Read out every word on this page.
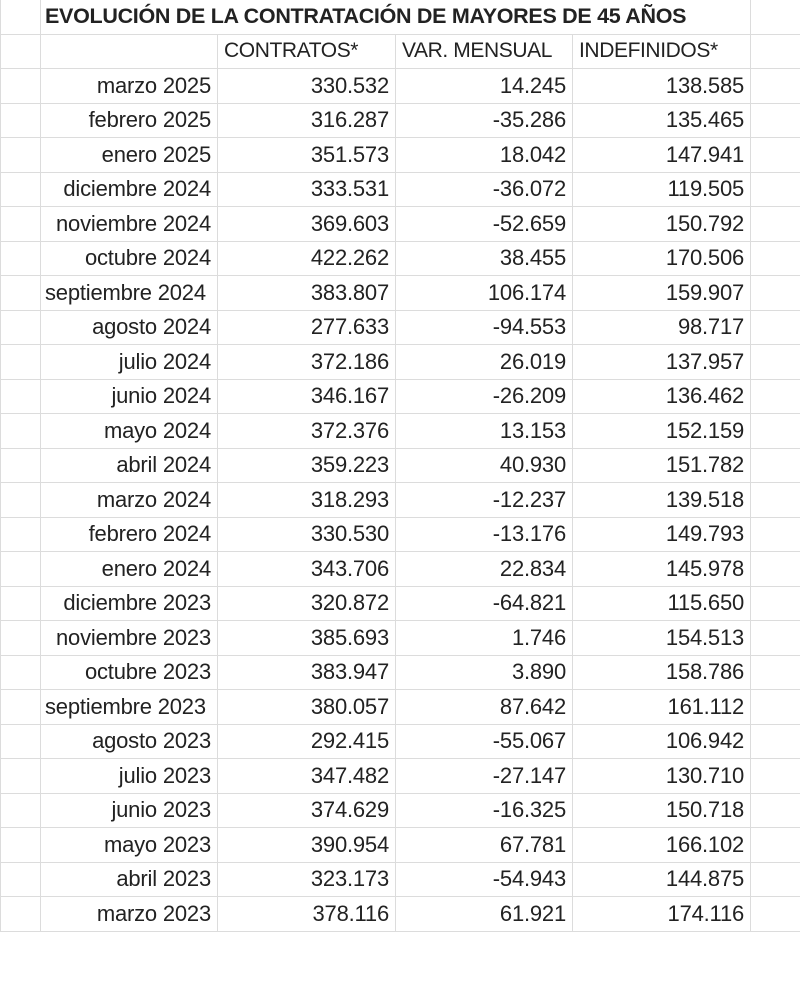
	EVOLUCIÓN DE LA CONTRATACIÓN DE MAYORES DE 45 AÑOS				
		CONTRATOS*	VAR. MENSUAL	INDEFINIDOS*	
	marzo 2025	330.532	14.245	138.585	
	febrero 2025	316.287	-35.286	135.465	
	enero 2025	351.573	18.042	147.941	
	diciembre 2024	333.531	-36.072	119.505	
	noviembre 2024	369.603	-52.659	150.792	
	octubre 2024	422.262	38.455	170.506	
	septiembre 2024	383.807	106.174	159.907	
	agosto 2024	277.633	-94.553	98.717	
	julio 2024	372.186	26.019	137.957	
	junio 2024	346.167	-26.209	136.462	
	mayo 2024	372.376	13.153	152.159	
	abril 2024	359.223	40.930	151.782	
	marzo 2024	318.293	-12.237	139.518	
	febrero 2024	330.530	-13.176	149.793	
	enero 2024	343.706	22.834	145.978	
	diciembre 2023	320.872	-64.821	115.650	
	noviembre 2023	385.693	1.746	154.513	
	octubre 2023	383.947	3.890	158.786	
	septiembre 2023	380.057	87.642	161.112	
	agosto 2023	292.415	-55.067	106.942	
	julio 2023	347.482	-27.147	130.710	
	junio 2023	374.629	-16.325	150.718	
	mayo 2023	390.954	67.781	166.102	
	abril 2023	323.173	-54.943	144.875	
	marzo 2023	378.116	61.921	174.116	
